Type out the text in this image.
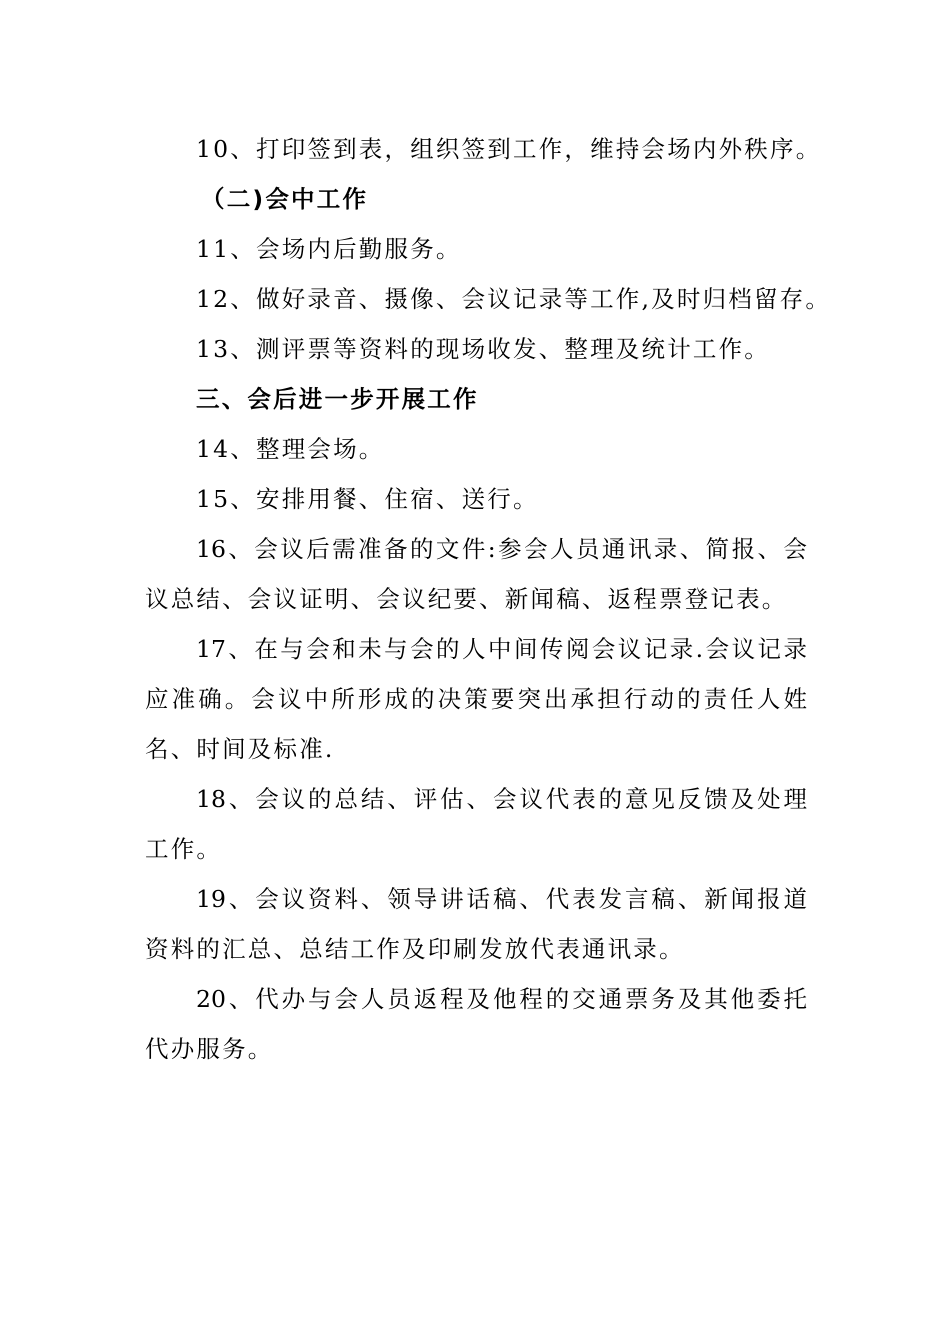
10、打印签到表，组织签到工作，维持会场内外秩序。
（二)会中工作
11、会场内后勤服务。
12、做好录音、摄像、会议记录等工作,及时归档留存。
13、测评票等资料的现场收发、整理及统计工作。
三、会后进一步开展工作
14、整理会场。
15、安排用餐、住宿、送行。
16、会议后需准备的文件:参会人员通讯录、简报、会
议总结、会议证明、会议纪要、新闻稿、返程票登记表。
17、在与会和未与会的人中间传阅会议记录.会议记录
应准确。会议中所形成的决策要突出承担行动的责任人姓
名、时间及标准.
18、会议的总结、评估、会议代表的意见反馈及处理
工作。
19、会议资料、领导讲话稿、代表发言稿、新闻报道
资料的汇总、总结工作及印刷发放代表通讯录。
20、代办与会人员返程及他程的交通票务及其他委托
代办服务。
